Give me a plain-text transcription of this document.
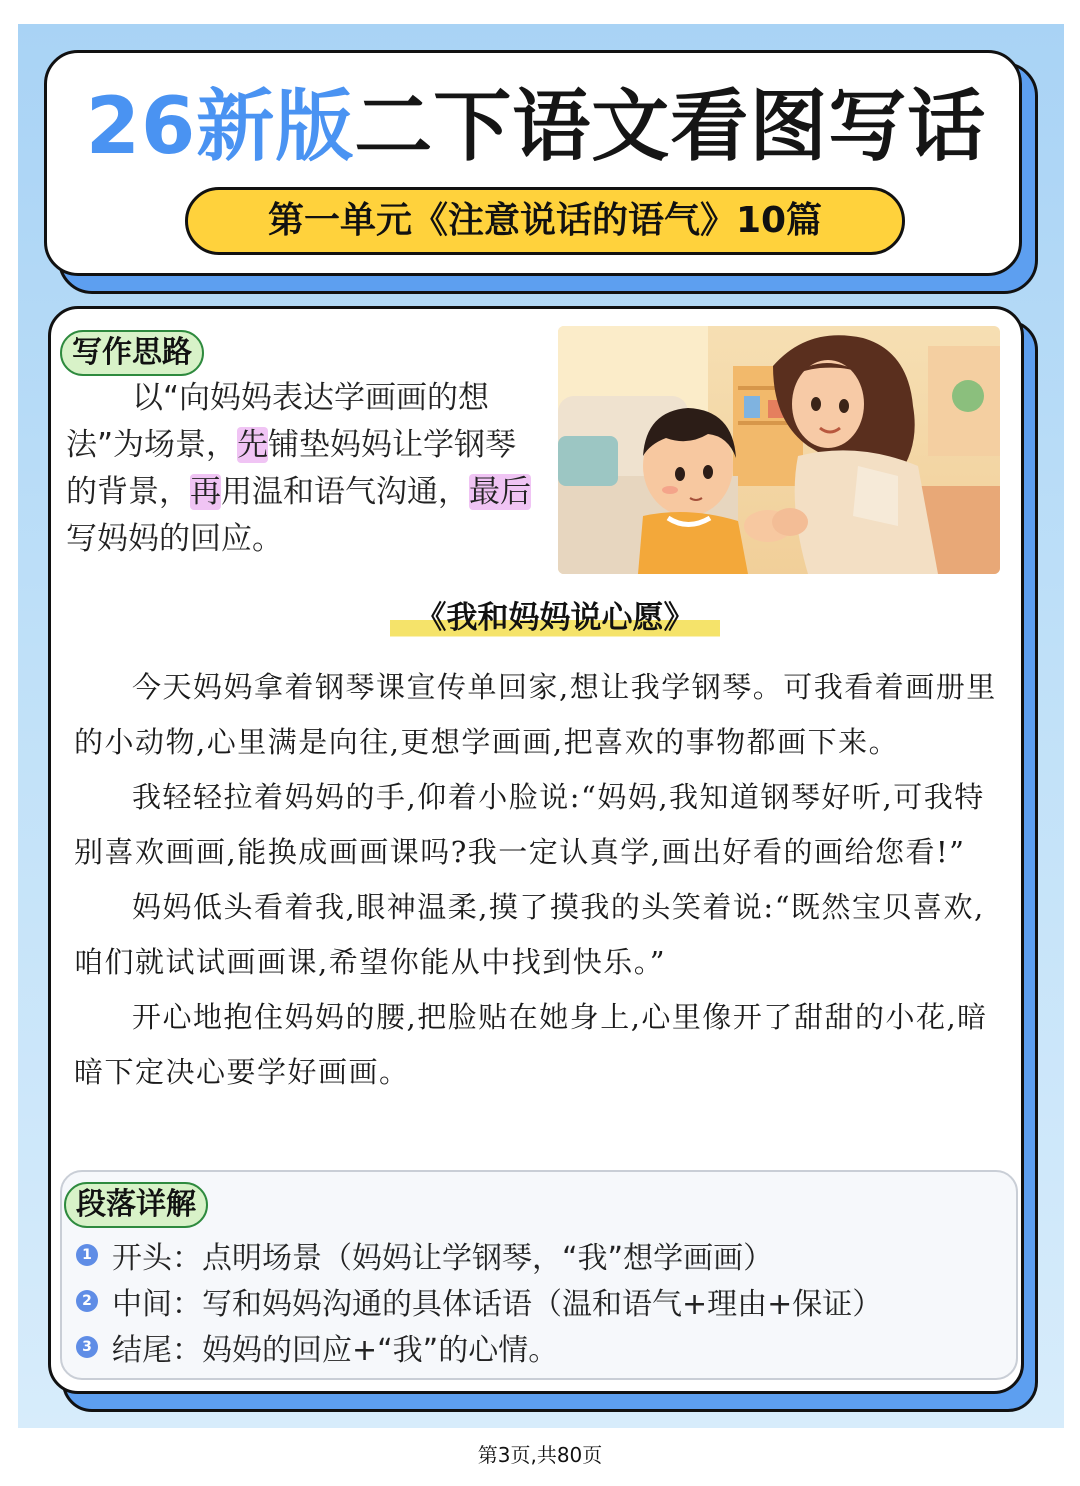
26新版二下语文看图写话
第一单元《注意说话的语气》10篇
写作思路
以“向妈妈表达学画画的想法”为场景，先铺垫妈妈让学钢琴的背景，再用温和语气沟通，最后写妈妈的回应。
《我和妈妈说心愿》

今天妈妈拿着钢琴课宣传单回家,想让我学钢琴。可我看着画册里的小动物,心里满是向往,更想学画画,把喜欢的事物都画下来。

我轻轻拉着妈妈的手,仰着小脸说:“妈妈,我知道钢琴好听,可我特别喜欢画画,能换成画画课吗?我一定认真学,画出好看的画给您看!”

妈妈低头看着我,眼神温柔,摸了摸我的头笑着说:“既然宝贝喜欢,咱们就试试画画课,希望你能从中找到快乐。”

开心地抱住妈妈的腰,把脸贴在她身上,心里像开了甜甜的小花,暗暗下定决心要学好画画。

段落详解
1 开头：点明场景（妈妈让学钢琴，“我”想学画画）
2 中间：写和妈妈沟通的具体话语（温和语气+理由+保证）
3 结尾：妈妈的回应+“我”的心情。
第3页,共80页
